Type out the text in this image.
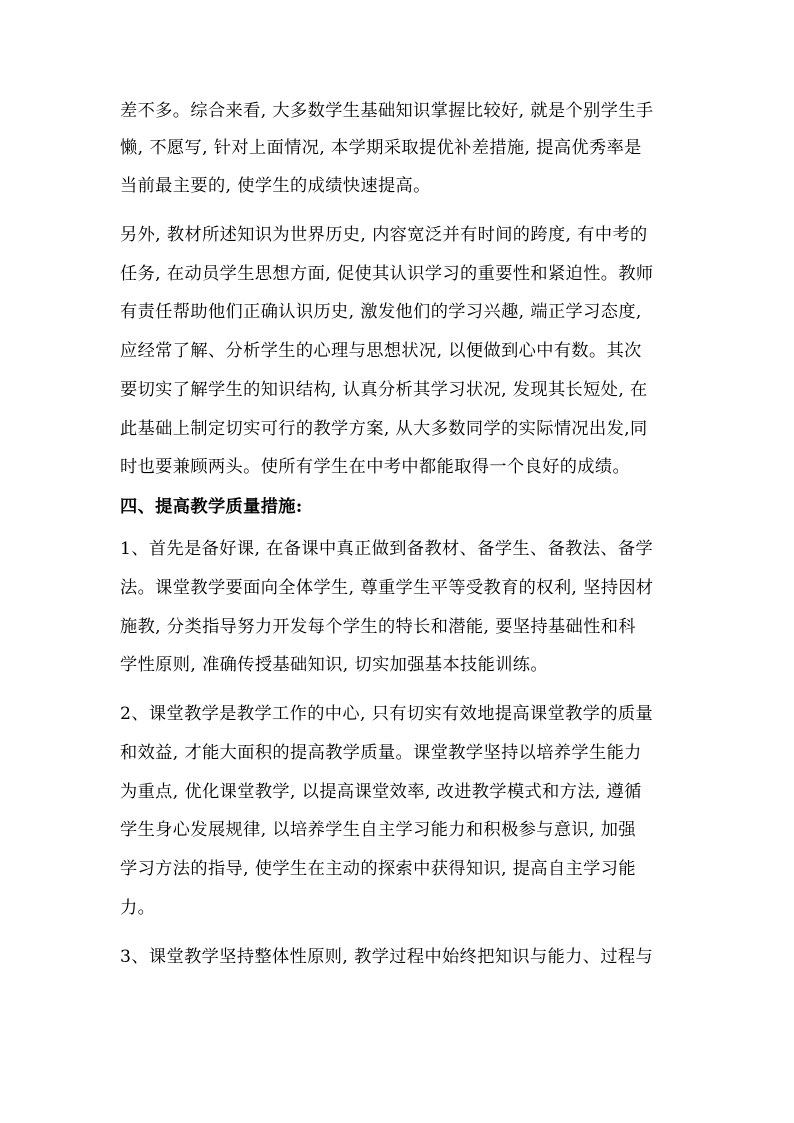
差不多。综合来看, 大多数学生基础知识掌握比较好, 就是个别学生手
懒, 不愿写, 针对上面情况, 本学期采取提优补差措施, 提高优秀率是
当前最主要的, 使学生的成绩快速提高。
另外, 教材所述知识为世界历史, 内容宽泛并有时间的跨度, 有中考的
任务, 在动员学生思想方面, 促使其认识学习的重要性和紧迫性。教师
有责任帮助他们正确认识历史, 激发他们的学习兴趣, 端正学习态度,
应经常了解、分析学生的心理与思想状况, 以便做到心中有数。其次
要切实了解学生的知识结构, 认真分析其学习状况, 发现其长短处, 在
此基础上制定切实可行的教学方案, 从大多数同学的实际情况出发,同
时也要兼顾两头。使所有学生在中考中都能取得一个良好的成绩。
四、提高教学质量措施:
1、首先是备好课, 在备课中真正做到备教材、备学生、备教法、备学
法。课堂教学要面向全体学生, 尊重学生平等受教育的权利, 坚持因材
施教, 分类指导努力开发每个学生的特长和潜能, 要坚持基础性和科
学性原则, 准确传授基础知识, 切实加强基本技能训练。
2、课堂教学是教学工作的中心, 只有切实有效地提高课堂教学的质量
和效益, 才能大面积的提高教学质量。课堂教学坚持以培养学生能力
为重点, 优化课堂教学, 以提高课堂效率, 改进教学模式和方法, 遵循
学生身心发展规律, 以培养学生自主学习能力和积极参与意识, 加强
学习方法的指导, 使学生在主动的探索中获得知识, 提高自主学习能
力。
3、课堂教学坚持整体性原则, 教学过程中始终把知识与能力、过程与
